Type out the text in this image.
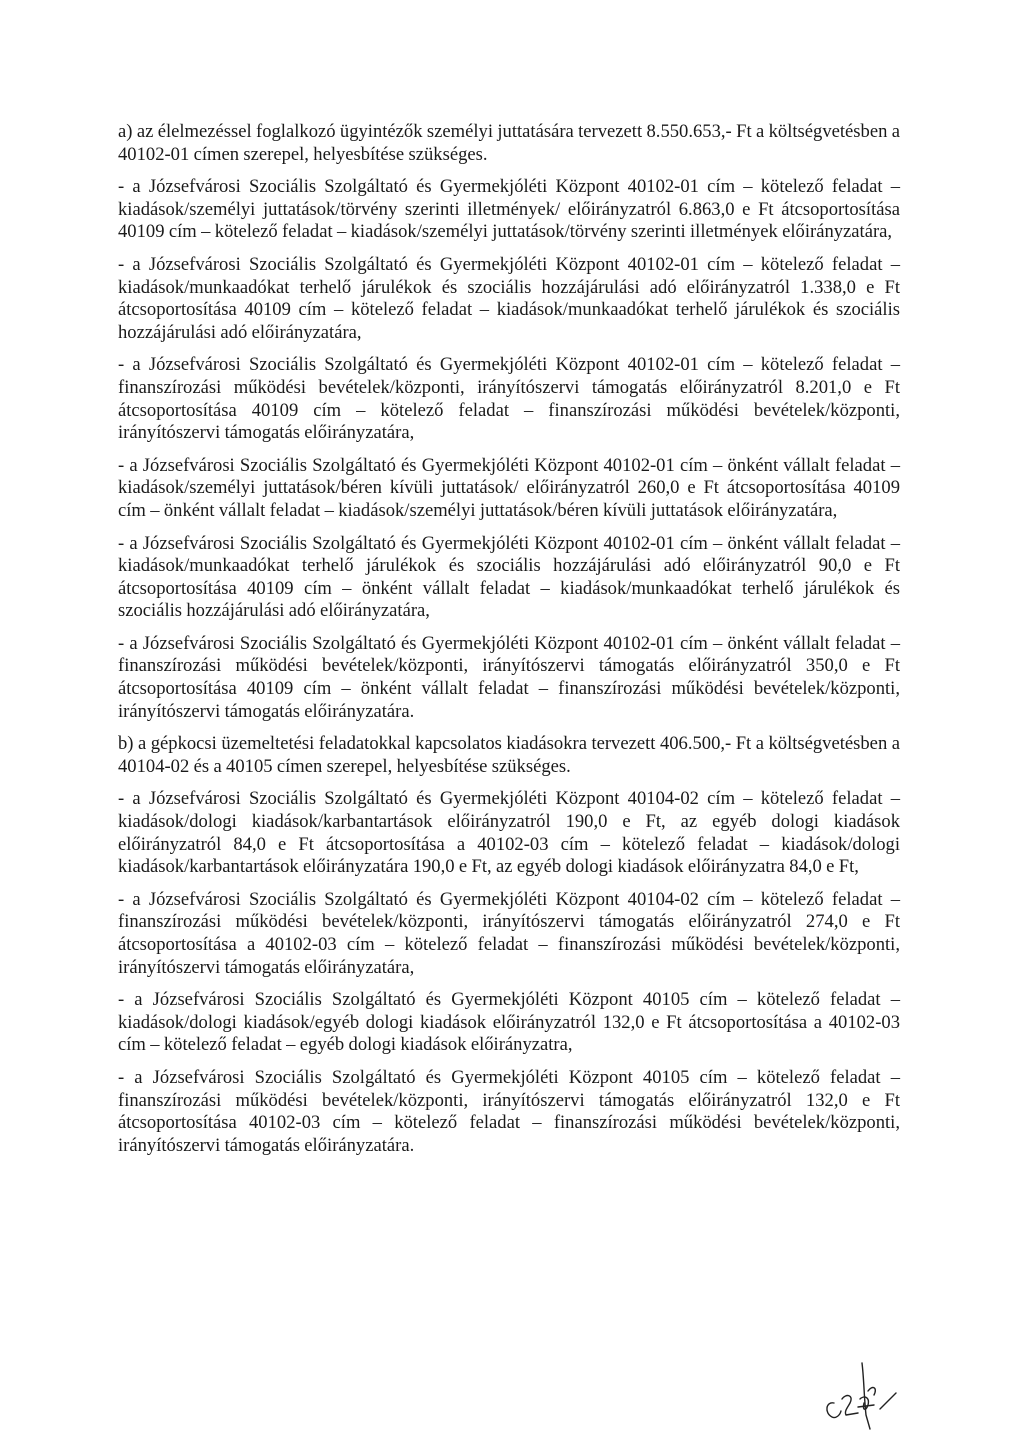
a) az élelmezéssel foglalkozó ügyintézők személyi juttatására tervezett 8.550.653,- Ft a költségvetésben a 40102-01 címen szerepel, helyesbítése szükséges.

- a Józsefvárosi Szociális Szolgáltató és Gyermekjóléti Központ 40102-01 cím – kötelező feladat – kiadások/személyi juttatások/törvény szerinti illetmények/ előirányzatról 6.863,0 e Ft átcsoportosítása 40109 cím – kötelező feladat – kiadások/személyi juttatások/törvény szerinti illetmények előirányzatára,

- a Józsefvárosi Szociális Szolgáltató és Gyermekjóléti Központ 40102-01 cím – kötelező feladat – kiadások/munkaadókat terhelő járulékok és szociális hozzájárulási adó előirányzatról 1.338,0 e Ft átcsoportosítása 40109 cím – kötelező feladat – kiadások/munkaadókat terhelő járulékok és szociális hozzájárulási adó előirányzatára,

- a Józsefvárosi Szociális Szolgáltató és Gyermekjóléti Központ 40102-01 cím – kötelező feladat – finanszírozási működési bevételek/központi, irányítószervi támogatás előirányzatról 8.201,0 e Ft átcsoportosítása 40109 cím – kötelező feladat – finanszírozási működési bevételek/központi, irányítószervi támogatás előirányzatára,

- a Józsefvárosi Szociális Szolgáltató és Gyermekjóléti Központ 40102-01 cím – önként vállalt feladat – kiadások/személyi juttatások/béren kívüli juttatások/ előirányzatról 260,0 e Ft átcsoportosítása 40109 cím – önként vállalt feladat – kiadások/személyi juttatások/béren kívüli juttatások előirányzatára,

- a Józsefvárosi Szociális Szolgáltató és Gyermekjóléti Központ 40102-01 cím – önként vállalt feladat – kiadások/munkaadókat terhelő járulékok és szociális hozzájárulási adó előirányzatról 90,0 e Ft átcsoportosítása 40109 cím – önként vállalt feladat – kiadások/munkaadókat terhelő járulékok és szociális hozzájárulási adó előirányzatára,

- a Józsefvárosi Szociális Szolgáltató és Gyermekjóléti Központ 40102-01 cím – önként vállalt feladat – finanszírozási működési bevételek/központi, irányítószervi támogatás előirányzatról 350,0 e Ft átcsoportosítása 40109 cím – önként vállalt feladat – finanszírozási működési bevételek/központi, irányítószervi támogatás előirányzatára.

b) a gépkocsi üzemeltetési feladatokkal kapcsolatos kiadásokra tervezett 406.500,- Ft a költségvetésben a 40104-02 és a 40105 címen szerepel, helyesbítése szükséges.

- a Józsefvárosi Szociális Szolgáltató és Gyermekjóléti Központ 40104-02 cím – kötelező feladat – kiadások/dologi kiadások/karbantartások előirányzatról 190,0 e Ft, az egyéb dologi kiadások előirányzatról 84,0 e Ft átcsoportosítása a 40102-03 cím – kötelező feladat – kiadások/dologi kiadások/karbantartások előirányzatára 190,0 e Ft, az egyéb dologi kiadások előirányzatra 84,0 e Ft,

- a Józsefvárosi Szociális Szolgáltató és Gyermekjóléti Központ 40104-02 cím – kötelező feladat – finanszírozási működési bevételek/központi, irányítószervi támogatás előirányzatról 274,0 e Ft átcsoportosítása a 40102-03 cím – kötelező feladat – finanszírozási működési bevételek/központi, irányítószervi támogatás előirányzatára,

- a Józsefvárosi Szociális Szolgáltató és Gyermekjóléti Központ 40105 cím – kötelező feladat – kiadások/dologi kiadások/egyéb dologi kiadások előirányzatról 132,0 e Ft átcsoportosítása a 40102-03 cím – kötelező feladat – egyéb dologi kiadások előirányzatra,

- a Józsefvárosi Szociális Szolgáltató és Gyermekjóléti Központ 40105 cím – kötelező feladat – finanszírozási működési bevételek/központi, irányítószervi támogatás előirányzatról 132,0 e Ft átcsoportosítása 40102-03 cím – kötelező feladat – finanszírozási működési bevételek/központi, irányítószervi támogatás előirányzatára.
